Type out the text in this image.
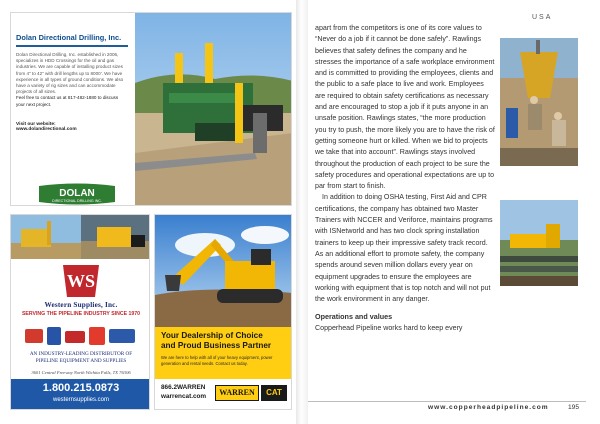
Dolan Directional Drilling, Inc.

Dolan Directional Drilling, Inc. established in 2006, specializes in HDD Crossings for the oil and gas industries. We are capable of installing product sizes from 4" to 42" with drill lengths up to 8000'. We have experience in all types of ground conditions. We also have a variety of rig sizes and can accommodate projects of all sizes.

Feel free to contact us at 817-482-1880 to discuss your next project.

Visit our website:

www.dolandirectional.com

DOLAN
DIRECTIONAL DRILLING INC.
WS
Western Supplies, Inc.
SERVING THE PIPELINE INDUSTRY SINCE 1970
AN INDUSTRY-LEADING DISTRIBUTOR OF
PIPELINE EQUIPMENT AND SUPPLIES
3601 Central Freeway North Wichita Falls, TX 76306
1.800.215.0873
westernsupplies.com
Your Dealership of Choice
and Proud Business Partner

We are here to help with all of your heavy equipment, power generation and rental needs. Contact us today.

866.2WARREN
warrencat.com	WARREN	CAT
USA

apart from the competitors is one of its core values to “Never do a job if it cannot be done safely”. Rawlings believes that safety defines the company and he stresses the importance of a safe workplace environment and is committed to providing the employees, clients and the public to a safe place to live and work. Employees are required to obtain safety certifications as necessary and are encouraged to stop a job if it puts anyone in an unsafe position. Rawlings states, “the more production you try to push, the more likely you are to have the risk of getting someone hurt or killed. When we bid to projects we take that into account”. Rawlings stays involved throughout the production of each project to be sure the safety procedures and operational expectations are up to par from start to finish.

In addition to doing OSHA testing, First Aid and CPR certifications, the company has obtained two Master Trainers with NCCER and Veriforce, maintains programs with ISNetworld and has two clock spring installation trainers to keep up their impressive safety track record. As an additional effort to promote safety, the company spends around seven million dollars every year on equipment upgrades to ensure the employees are working with equipment that is top notch and will not put the work environment in any danger.

Operations and values

Copperhead Pipeline works hard to keep every

www.copperheadpipeline.com	195
